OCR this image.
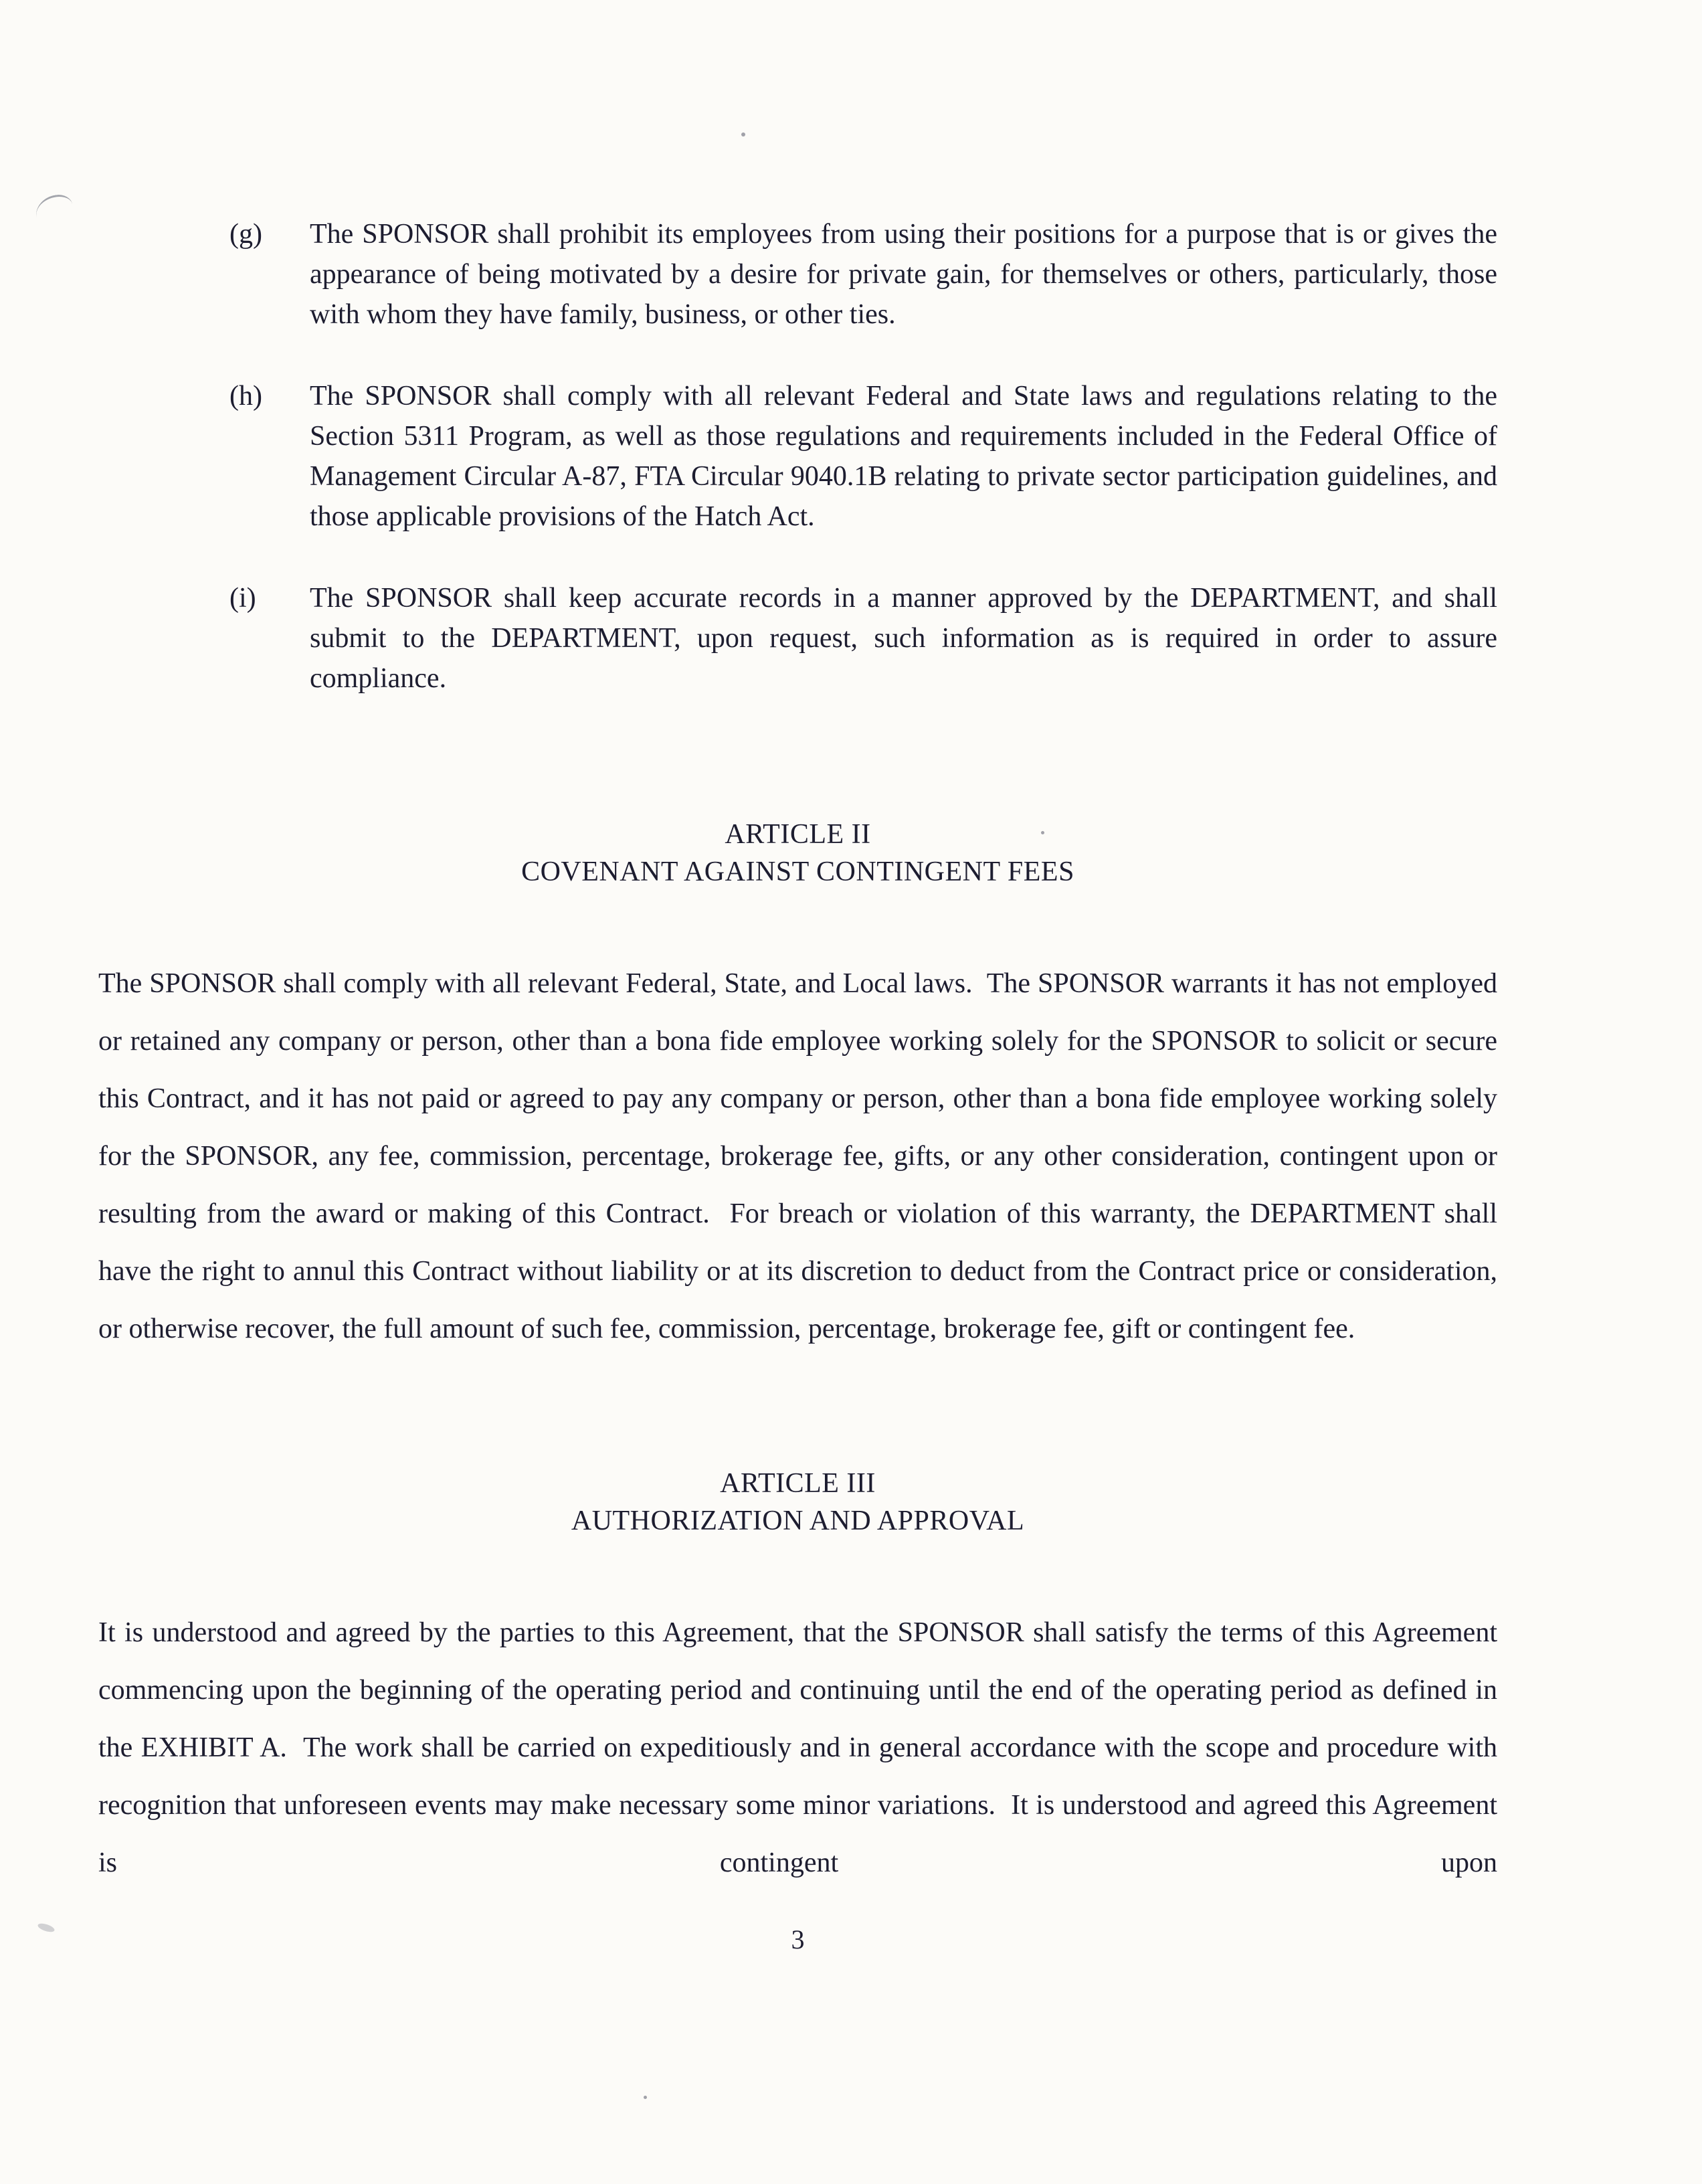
(g)	The SPONSOR shall prohibit its employees from using their positions for a purpose that is or gives the appearance of being motivated by a desire for private gain, for themselves or others, particularly, those with whom they have family, business, or other ties.
(h)	The SPONSOR shall comply with all relevant Federal and State laws and regulations relating to the Section 5311 Program, as well as those regulations and requirements included in the Federal Office of Management Circular A-87, FTA Circular 9040.1B relating to private sector participation guidelines, and those applicable provisions of the Hatch Act.
(i)	The SPONSOR shall keep accurate records in a manner approved by the DEPARTMENT, and shall submit to the DEPARTMENT, upon request, such information as is required in order to assure compliance.
ARTICLE II
COVENANT AGAINST CONTINGENT FEES

The SPONSOR shall comply with all relevant Federal, State, and Local laws.  The SPONSOR warrants it has not employed or retained any company or person, other than a bona fide employee working solely for the SPONSOR to solicit or secure this Contract, and it has not paid or agreed to pay any company or person, other than a bona fide employee working solely for the SPONSOR, any fee, commission, percentage, brokerage fee, gifts, or any other consideration, contingent upon or resulting from the award or making of this Contract.  For breach or violation of this warranty, the DEPARTMENT shall have the right to annul this Contract without liability or at its discretion to deduct from the Contract price or consideration, or otherwise recover, the full amount of such fee, commission, percentage, brokerage fee, gift or contingent fee.

ARTICLE III
AUTHORIZATION AND APPROVAL

It is understood and agreed by the parties to this Agreement, that the SPONSOR shall satisfy the terms of this Agreement commencing upon the beginning of the operating period and continuing until the end of the operating period as defined in the EXHIBIT A.  The work shall be carried on expeditiously and in general accordance with the scope and procedure with recognition that unforeseen events may make necessary some minor variations.  It is understood and agreed this Agreement is contingent upon

3
